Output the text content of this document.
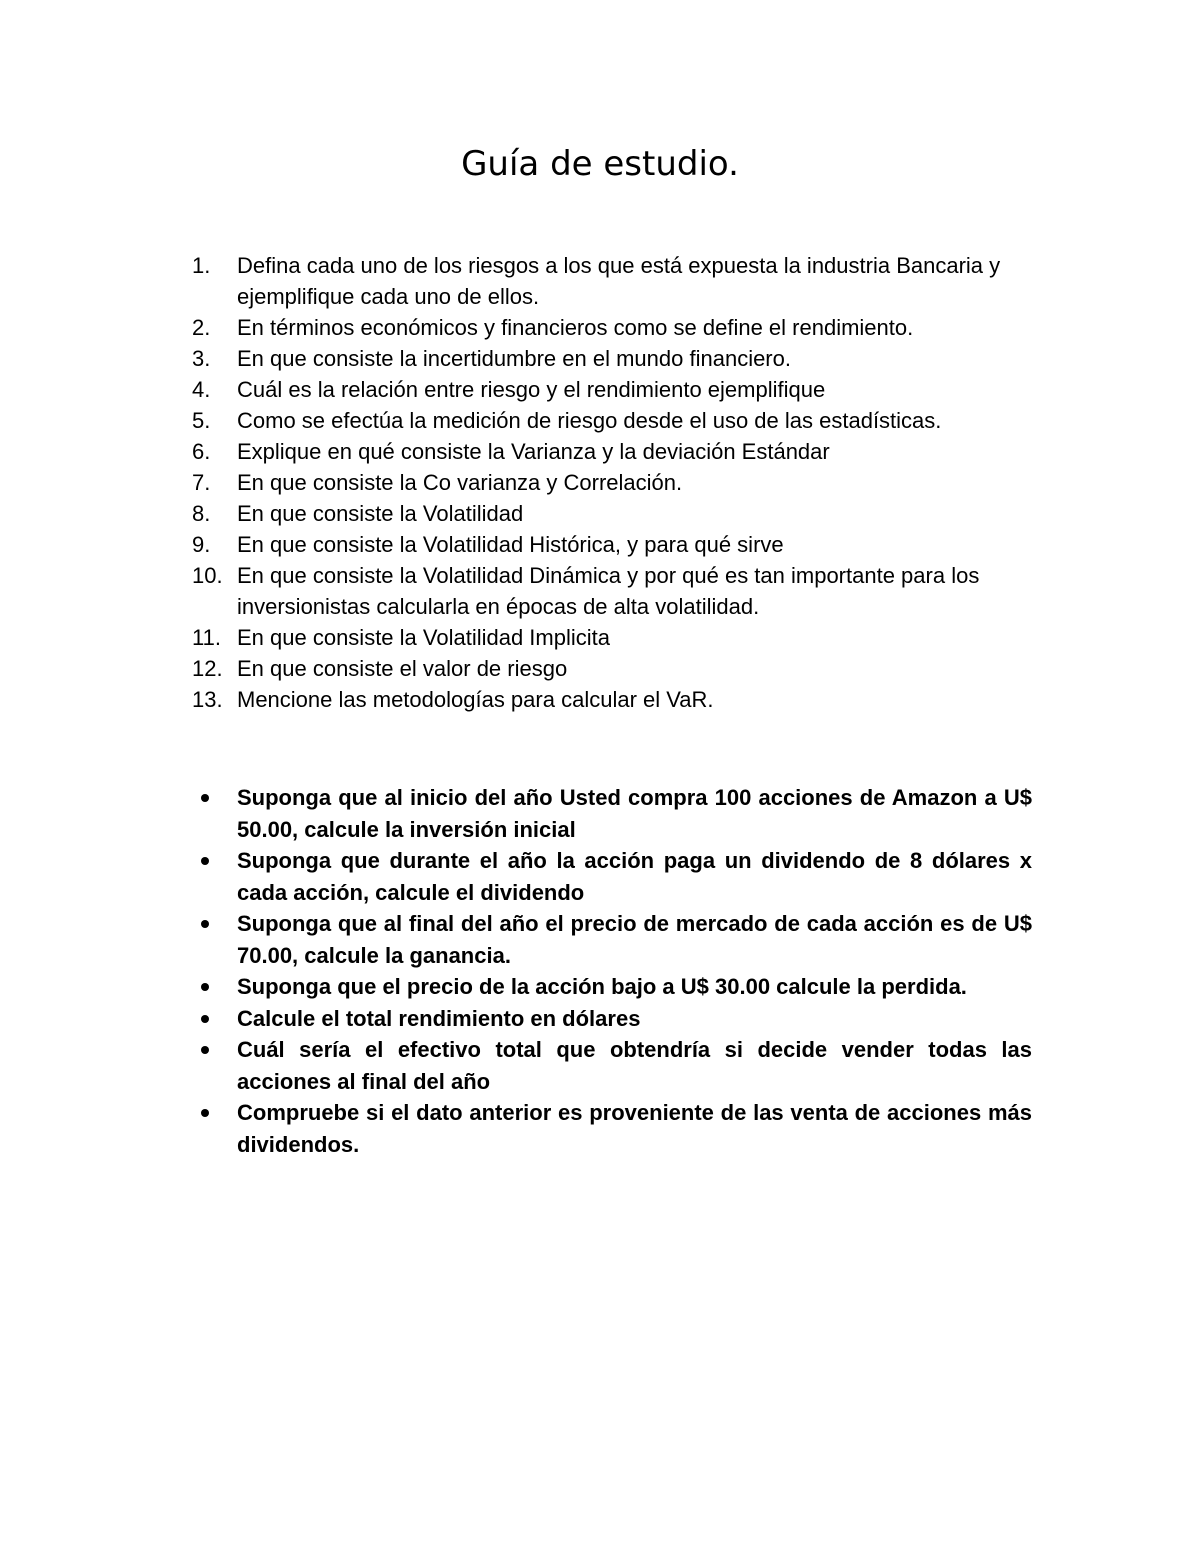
Guía de estudio.
1.	Defina cada uno de los riesgos a los que está expuesta la industria Bancaria y ejemplifique cada uno de ellos.
2.	En términos económicos y financieros como se define el rendimiento.
3.	En que consiste la incertidumbre en el mundo financiero.
4.	Cuál es la relación entre riesgo y el rendimiento ejemplifique
5.	Como se efectúa la medición de riesgo desde el uso de las estadísticas.
6.	Explique en qué consiste la Varianza y la deviación Estándar
7.	En que consiste la Co varianza y Correlación.
8.	En que consiste la Volatilidad
9.	En que consiste la Volatilidad Histórica, y para qué sirve
10. En que consiste la Volatilidad Dinámica y por qué es tan importante para los inversionistas calcularla en épocas de alta volatilidad.
11. En que consiste la Volatilidad Implicita
12. En que consiste el valor de riesgo
13. Mencione las metodologías para calcular el VaR.
Suponga que al inicio del año Usted compra 100 acciones de Amazon a U$ 50.00, calcule la inversión inicial
Suponga que durante el año la acción paga un dividendo de 8 dólares x cada acción, calcule el dividendo
Suponga que al final del año el precio de mercado de cada acción es de U$ 70.00, calcule la ganancia.
Suponga que el precio de la acción bajo a U$ 30.00 calcule la perdida.
Calcule el total rendimiento en dólares
Cuál sería el efectivo total que obtendría si decide vender todas las acciones al final del año
Compruebe si el dato anterior es proveniente de las venta de acciones más dividendos.
